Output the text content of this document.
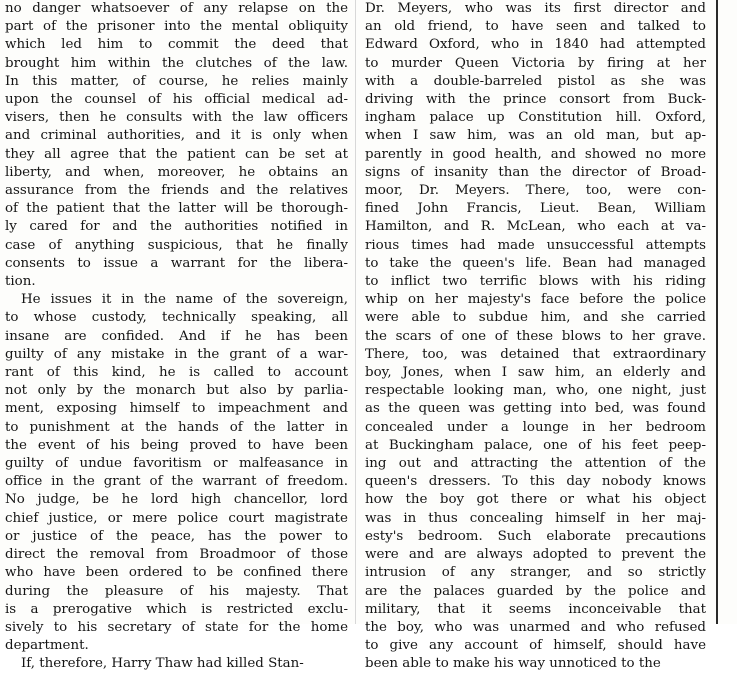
no danger whatsoever of any relapse on the
part of the prisoner into the mental obliquity
which led him to commit the deed that
brought him within the clutches of the law.
In this matter, of course, he relies mainly
upon the counsel of his official medical ad-
visers, then he consults with the law officers
and criminal authorities, and it is only when
they all agree that the patient can be set at
liberty, and when, moreover, he obtains an
assurance from the friends and the relatives
of the patient that the latter will be thorough-
ly cared for and the authorities notified in
case of anything suspicious, that he finally
consents to issue a warrant for the libera-
tion.
He issues it in the name of the sovereign,
to whose custody, technically speaking, all
insane are confided. And if he has been
guilty of any mistake in the grant of a war-
rant of this kind, he is called to account
not only by the monarch but also by parlia-
ment, exposing himself to impeachment and
to punishment at the hands of the latter in
the event of his being proved to have been
guilty of undue favoritism or malfeasance in
office in the grant of the warrant of freedom.
No judge, be he lord high chancellor, lord
chief justice, or mere police court magistrate
or justice of the peace, has the power to
direct the removal from Broadmoor of those
who have been ordered to be confined there
during the pleasure of his majesty. That
is a prerogative which is restricted exclu-
sively to his secretary of state for the home
department.
If, therefore, Harry Thaw had killed Stan-
Dr. Meyers, who was its first director and
an old friend, to have seen and talked to
Edward Oxford, who in 1840 had attempted
to murder Queen Victoria by firing at her
with a double-barreled pistol as she was
driving with the prince consort from Buck-
ingham palace up Constitution hill. Oxford,
when I saw him, was an old man, but ap-
parently in good health, and showed no more
signs of insanity than the director of Broad-
moor, Dr. Meyers. There, too, were con-
fined John Francis, Lieut. Bean, William
Hamilton, and R. McLean, who each at va-
rious times had made unsuccessful attempts
to take the queen's life. Bean had managed
to inflict two terrific blows with his riding
whip on her majesty's face before the police
were able to subdue him, and she carried
the scars of one of these blows to her grave.
There, too, was detained that extraordinary
boy, Jones, when I saw him, an elderly and
respectable looking man, who, one night, just
as the queen was getting into bed, was found
concealed under a lounge in her bedroom
at Buckingham palace, one of his feet peep-
ing out and attracting the attention of the
queen's dressers. To this day nobody knows
how the boy got there or what his object
was in thus concealing himself in her maj-
esty's bedroom. Such elaborate precautions
were and are always adopted to prevent the
intrusion of any stranger, and so strictly
are the palaces guarded by the police and
military, that it seems inconceivable that
the boy, who was unarmed and who refused
to give any account of himself, should have
been able to make his way unnoticed to the
